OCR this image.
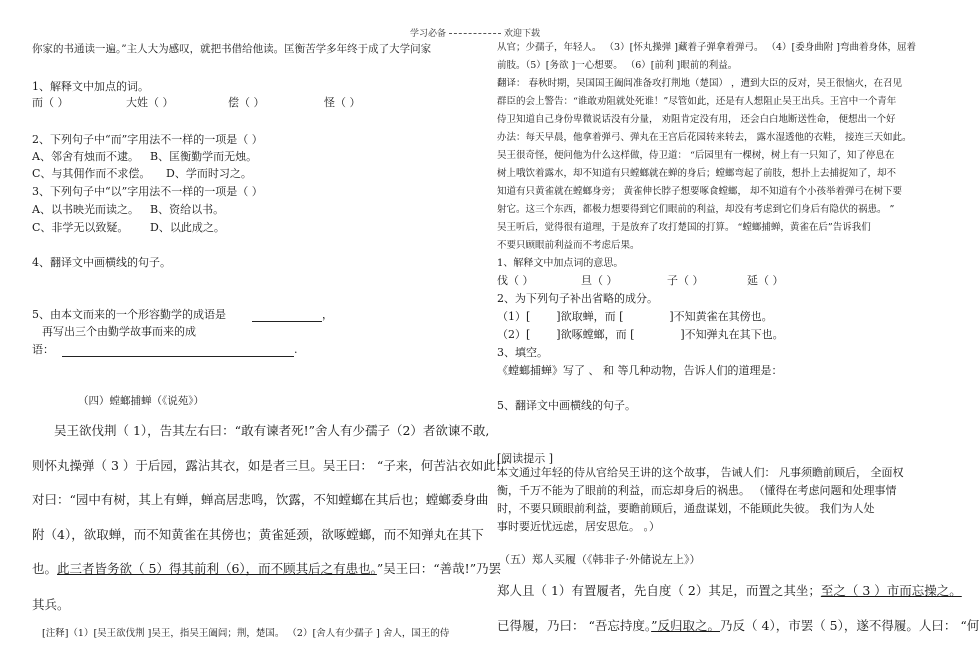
学习必备	欢迎下载
你家的书通读一遍。”主人大为感叹，就把书借给他读。匡衡苦学多年终于成了大学问家
1、解释文中加点的词。
而（ ）	大姓（ ）	偿（ ）	怪（ ）
2、下列句子中“而”字用法不一样的一项是（ ）
A、邻舍有烛而不逮。 B、匡衡勤学而无烛。
C、与其佣作而不求偿。 D、学而时习之。
3、下列句子中“以”字用法不一样的一项是（ ）
A、以书映光而读之。 B、资给以书。
C、非学无以致疑。 D、以此成之。
4、翻译文中画横线的句子。
5、由本文而来的一个形容勤学的成语是	，
再写出三个由勤学故事而来的成
语：	.
（四）螳螂捕蝉（《说苑》）
吴王欲伐荆（ 1），告其左右曰：“敢有谏者死!”舍人有少孺子（2）者欲谏不敢,
则怀丸操弹（ 3 ）于后园，露沾其衣，如是者三旦。吴王曰： “子来，何苦沾衣如此!”
对曰：“园中有树，其上有蝉，蝉高居悲鸣，饮露，不知螳螂在其后也；螳螂委身曲
附（4），欲取蝉，而不知黄雀在其傍也；黄雀延颈，欲啄螳螂，而不知弹丸在其下
也。此三者皆务欲（ 5）得其前利（6），而不顾其后之有患也。”吴王曰：“善哉!”乃罢
其兵。
[注释]（1）[吴王欲伐荆 ]吴王，指吴王阖闾；荆，楚国。 （2）[舍人有少孺子 ] 舍人，国王的侍
从官；少孺子，年轻人。 （3）[怀丸操弹 ]藏着子弹拿着弹弓。 （4）[委身曲附 ]弯曲着身体，屈着
前肢。（5）[务欲 ]一心想要。 （6）[前利 ]眼前的利益。
翻译： 春秋时期，吴国国王阖闾准备攻打荆地（楚国） ，遭到大臣的反对，吴王很恼火，在召见
群臣的会上警告：“谁敢劝阻就处死谁！”尽管如此，还是有人想阻止吴王出兵。王宫中一个青年
侍卫知道自己身份卑微说话没有分量， 劝阻肯定没有用， 还会白白地断送性命， 便想出一个好
办法：每天早晨，他拿着弹弓、弹丸在王宫后花园转来转去， 露水湿透他的衣鞋， 接连三天如此。
吴王很奇怪，便问他为什么这样做，侍卫道： “后园里有一棵树，树上有一只知了，知了停息在
树上哦饮着露水，却不知道有只螳螂就在蝉的身后；螳螂弯起了前肢，想扑上去捕捉知了，却不
知道有只黄雀就在螳螂身旁； 黄雀伸长脖子想要啄食螳螂， 却不知道有个小孩举着弹弓在树下要
射它。这三个东西，都极力想要得到它们眼前的利益，却没有考虑到它们身后有隐伏的祸患。 ”
吴王听后，觉得很有道理，于是放弃了攻打楚国的打算。 “螳螂捕蝉，黄雀在后”告诉我们
不要只顾眼前利益而不考虑后果。
1、解释文中加点词的意思。
伐（ ）	旦（ ）	子（ ）	延（ ）
2、为下列句子补出省略的成分。
（1）[ ]欲取蝉，而 [	]不知黄雀在其傍也。
（2）[ ]欲啄螳螂，而 [	]不知弹丸在其下也。
3、填空。
《螳螂捕蝉》写了 、 和 等几种动物，告诉人们的道理是：
5、翻译文中画横线的句子。
[阅读提示 ]
本文通过年轻的侍从官给吴王讲的这个故事， 告诫人们： 凡事须瞻前顾后， 全面权
衡，千万不能为了眼前的利益，而忘却身后的祸患。 （懂得在考虑问题和处理事情
时，不要只顾眼前利益，要瞻前顾后，通盘谋划，不能顾此失彼。 我们为人处
事时要近忧远虑，居安思危。 。）
（五）郑人买履（《韩非子·外储说左上》）
郑人且（ 1）有置履者，先自度（ 2）其足，而置之其坐；至之（ 3 ）市而忘操之。
已得履，乃曰： “吾忘持度。”反归取之。乃反（ 4），市罢（ 5），遂不得履。人曰： “何
